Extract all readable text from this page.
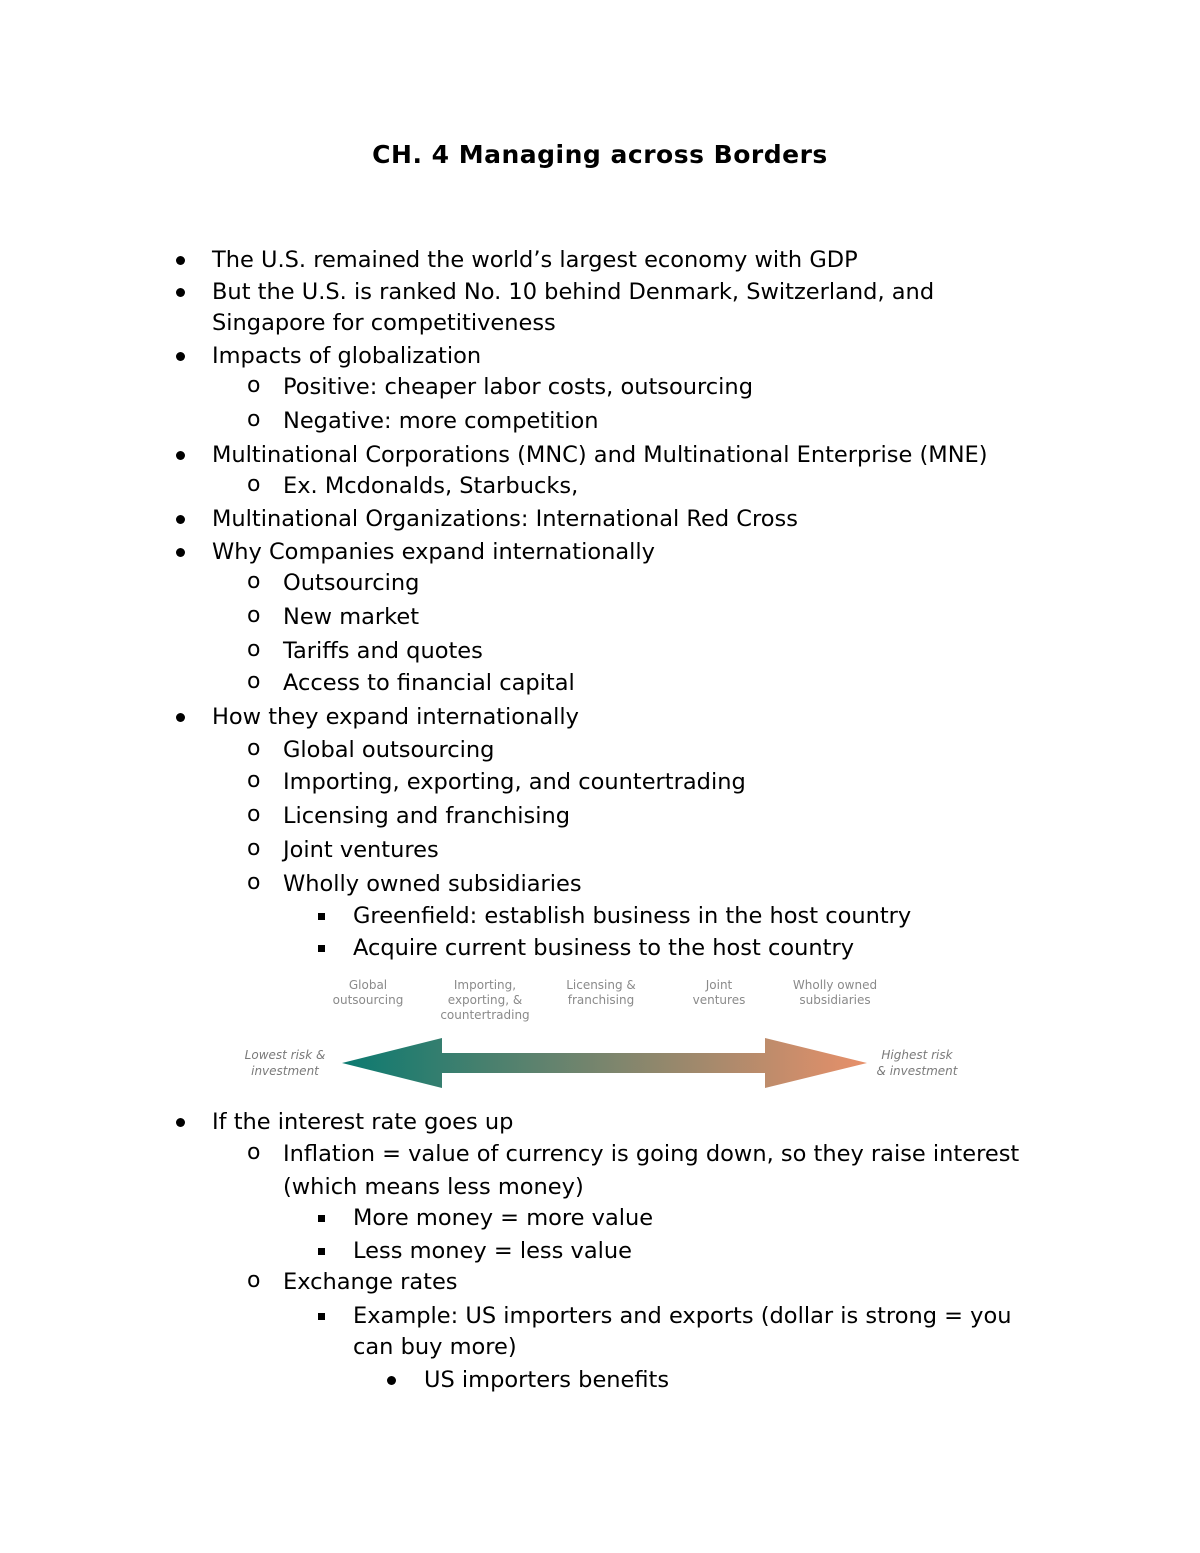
CH. 4 Managing across Borders
The U.S. remained the world’s largest economy with GDP
But the U.S. is ranked No. 10 behind Denmark, Switzerland, and
Singapore for competitiveness
Impacts of globalization
o Positive: cheaper labor costs, outsourcing
o Negative: more competition
Multinational Corporations (MNC) and Multinational Enterprise (MNE)
o Ex. Mcdonalds, Starbucks,
Multinational Organizations: International Red Cross
Why Companies expand internationally
o Outsourcing
o New market
o Tariffs and quotes
o Access to financial capital
How they expand internationally
o Global outsourcing
o Importing, exporting, and countertrading
o Licensing and franchising
o Joint ventures
o Wholly owned subsidiaries
Greenfield: establish business in the host country
Acquire current business to the host country
If the interest rate goes up
o Inflation = value of currency is going down, so they raise interest
(which means less money)
More money = more value
Less money = less value
o Exchange rates
Example: US importers and exports (dollar is strong = you
can buy more)
US importers benefits
Global
outsourcing
Importing,
exporting, &
countertrading
Licensing &
franchising
Joint
ventures
Wholly owned
subsidiaries
Lowest risk &
investment
Highest risk
& investment
